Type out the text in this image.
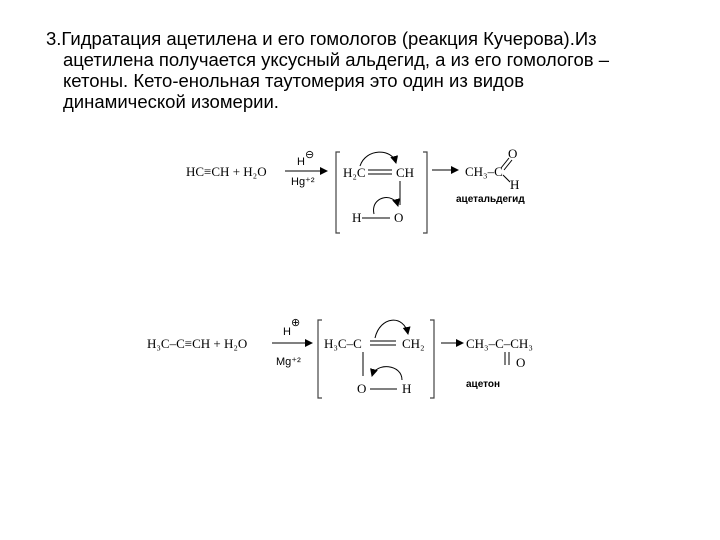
3.Гидратация ацетилена и его гомологов (реакция Кучерова).Из
ацетилена получается уксусный альдегид, а из его гомологов –
кетоны. Кето-енольная таутомерия это один из видов
динамической изомерии.
HC≡CH + H₂O
H
⊖
Hg⁺²
H₂C CH
H	O
CH₃–C
O
H
ацетальдегид
H₃C–C≡CH + H₂O
H
⊕
Mg⁺²
H₃C–C	CH₂
O	H
CH₃–C–CH₃
O
ацетон
